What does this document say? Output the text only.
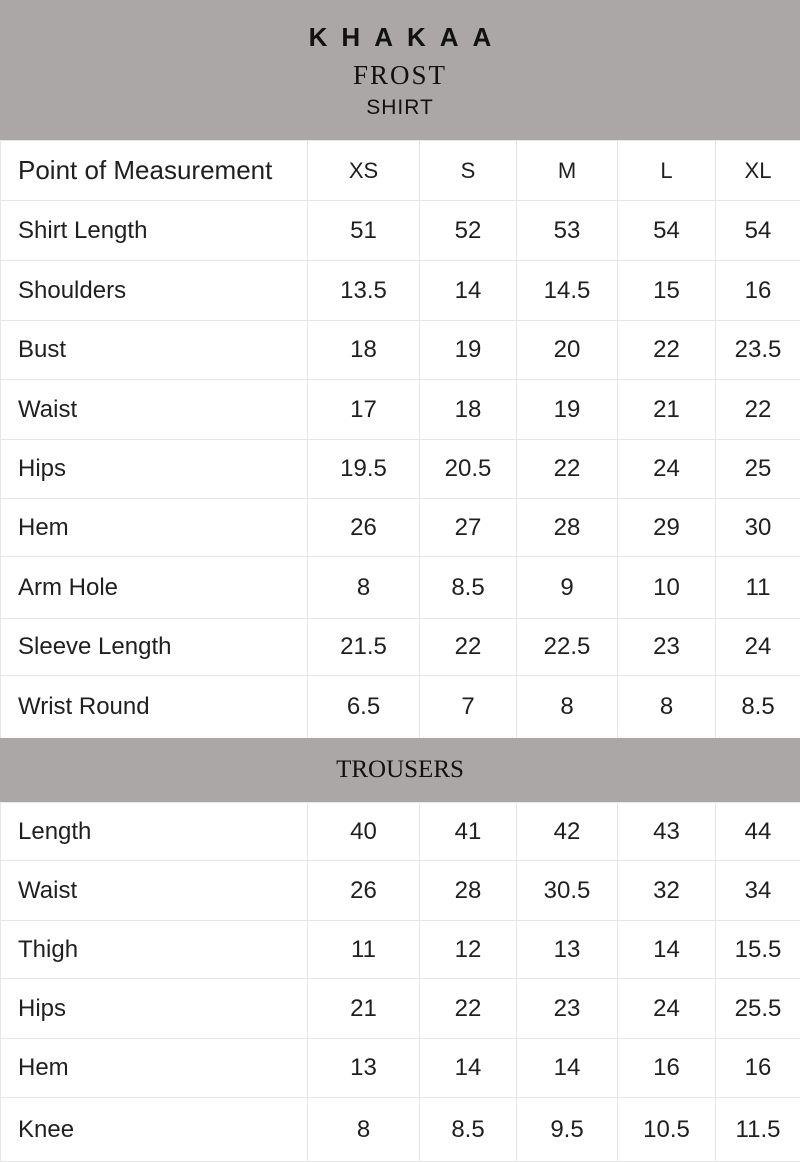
KHAKAA
FROST
SHIRT
Point of Measurement	XS	S	M	L	XL
Shirt Length	51	52	53	54	54
Shoulders	13.5	14	14.5	15	16
Bust	18	19	20	22	23.5
Waist	17	18	19	21	22
Hips	19.5	20.5	22	24	25
Hem	26	27	28	29	30
Arm Hole	8	8.5	9	10	11
Sleeve Length	21.5	22	22.5	23	24
Wrist Round	6.5	7	8	8	8.5
TROUSERS
Length	40	41	42	43	44
Waist	26	28	30.5	32	34
Thigh	11	12	13	14	15.5
Hips	21	22	23	24	25.5
Hem	13	14	14	16	16
Knee	8	8.5	9.5	10.5	11.5
